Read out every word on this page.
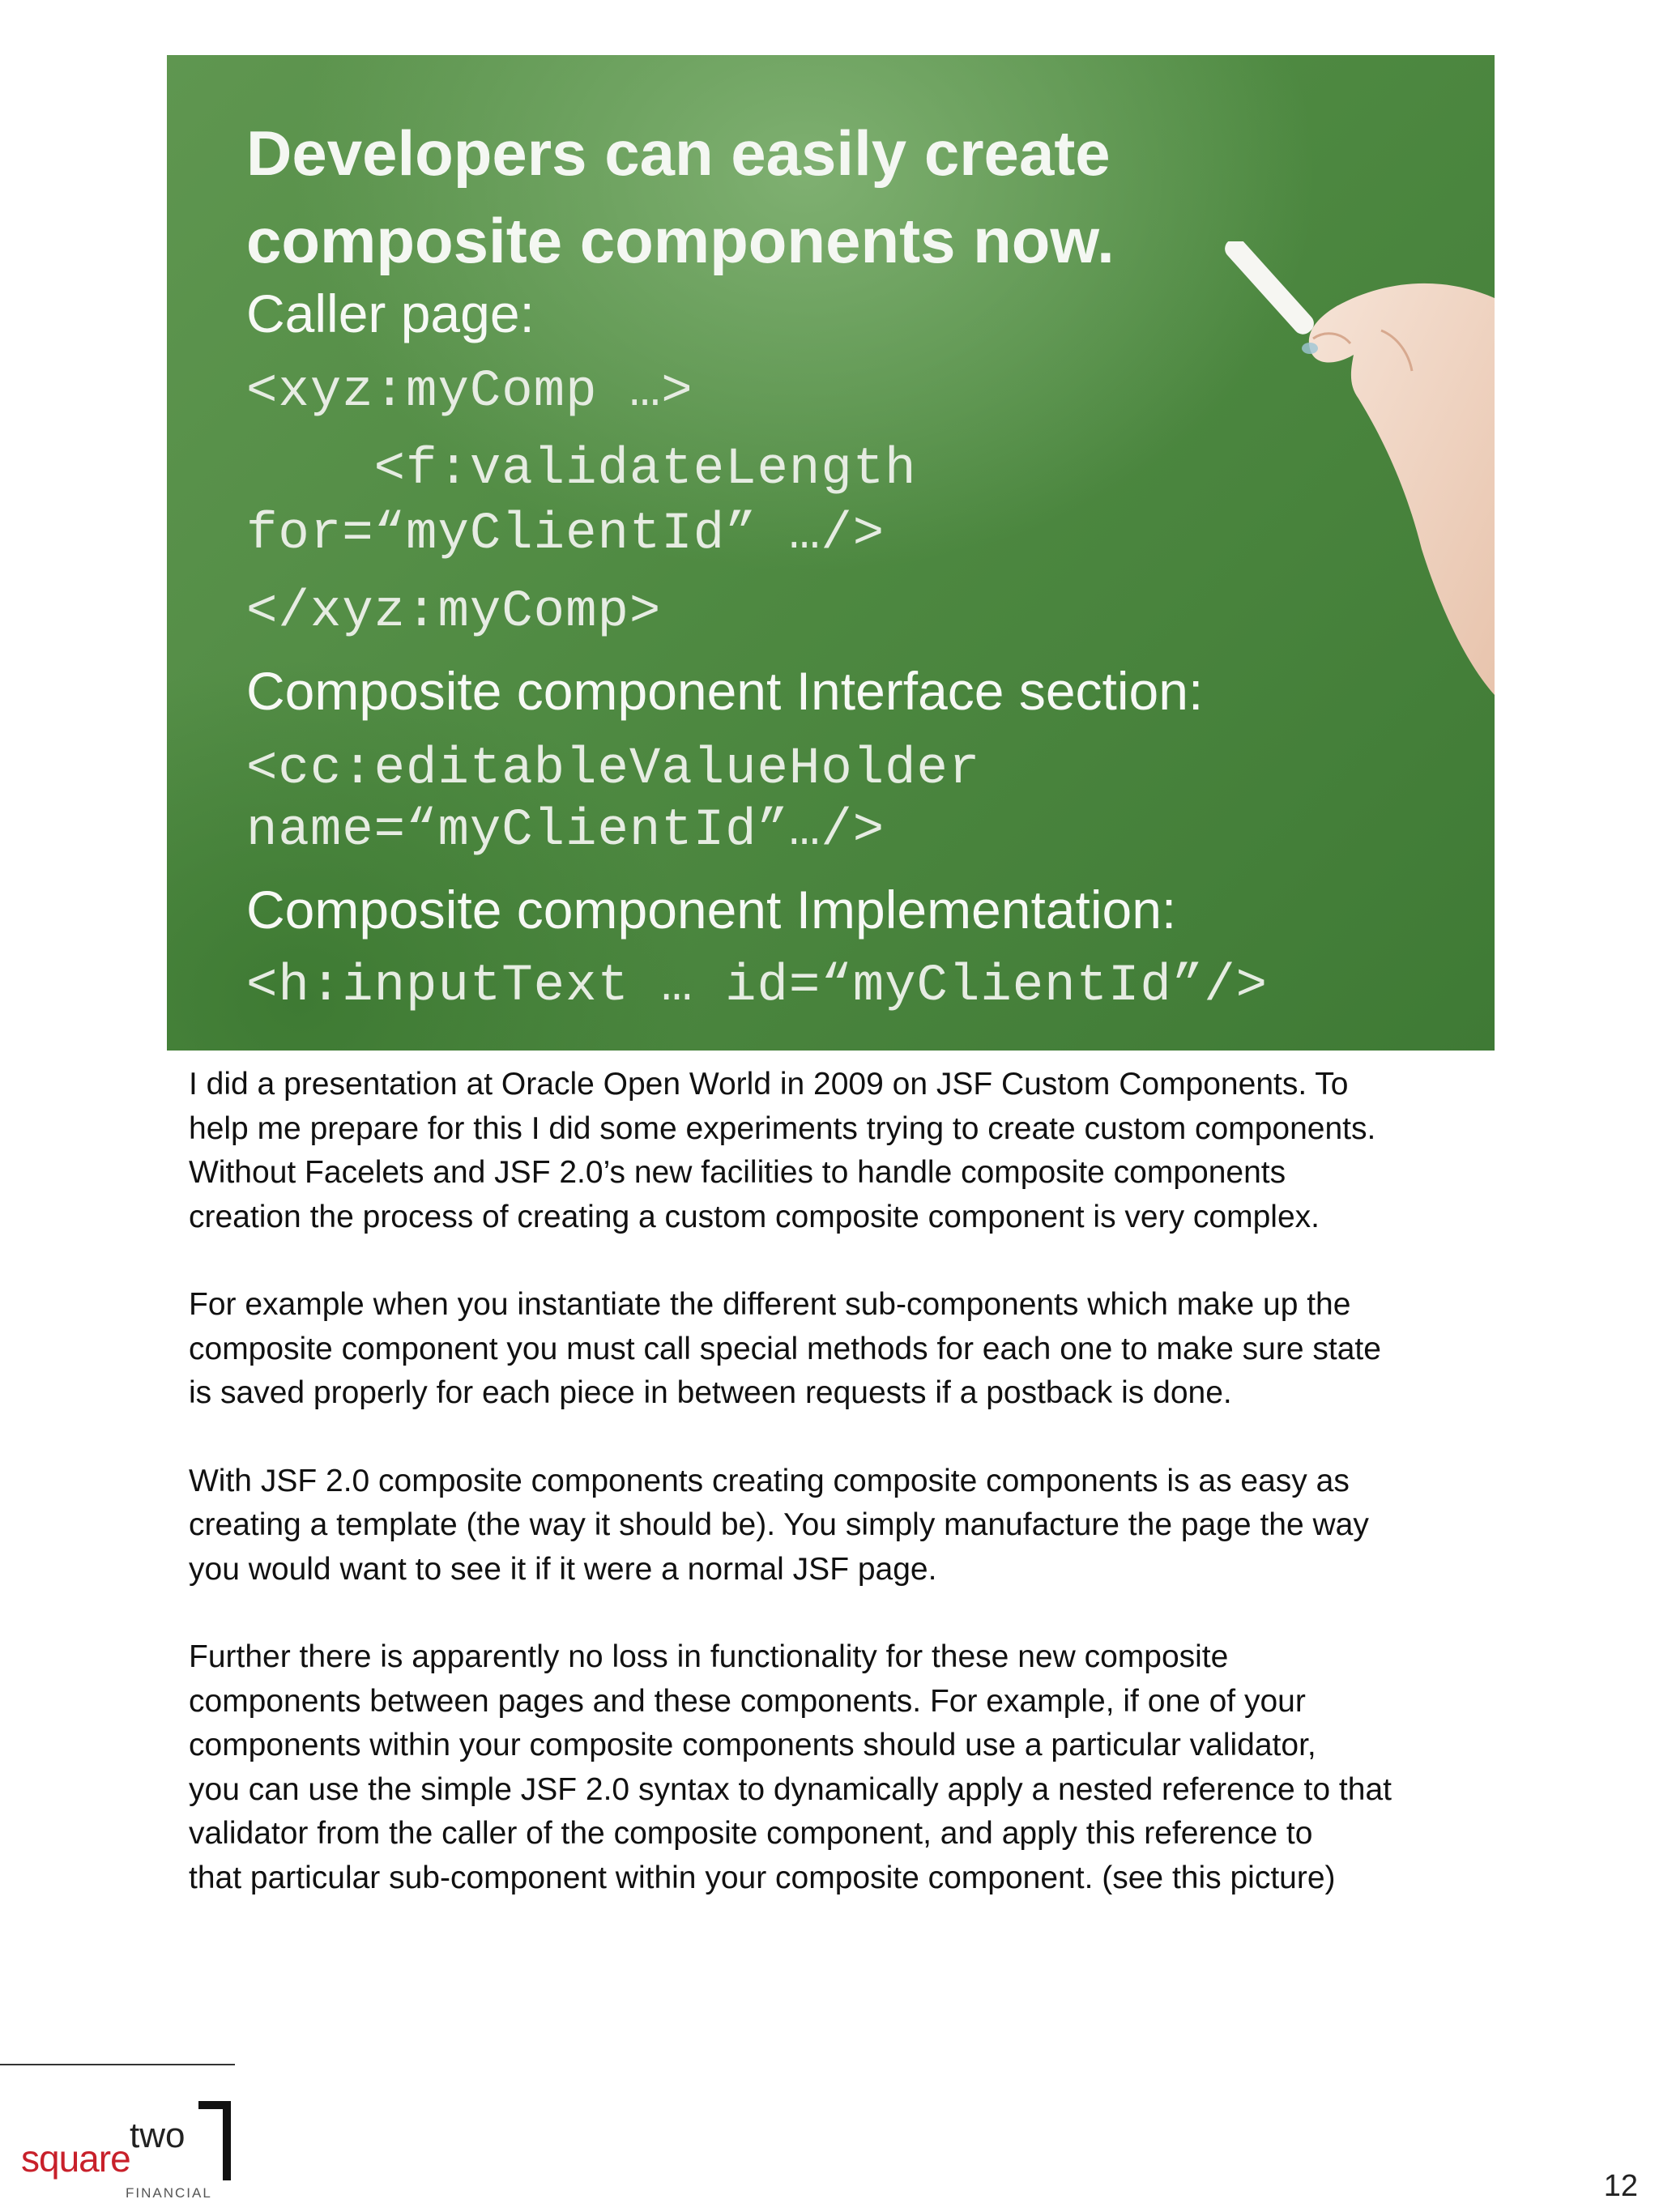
Developers can easily create
composite components now.
Caller page:
<xyz:myComp …>
<f:validateLength
for=“myClientId” …/>
</xyz:myComp>
Composite component Interface section:
<cc:editableValueHolder
name=“myClientId”…/>
Composite component Implementation:
<h:inputText … id=“myClientId”/>

I did a presentation at Oracle Open World in 2009 on JSF Custom Components. To
help me prepare for this I did some experiments trying to create custom components.
Without Facelets and JSF 2.0’s new facilities to handle composite components
creation the process of creating a custom composite component is very complex.

For example when you instantiate the different sub-components which make up the
composite component you must call special methods for each one to make sure state
is saved properly for each piece in between requests if a postback is done.

With JSF 2.0 composite components creating composite components is as easy as
creating a template (the way it should be). You simply manufacture the page the way
you would want to see it if it were a normal JSF page.

Further there is apparently no loss in functionality for these new composite
components between pages and these components. For example, if one of your
components within your composite components should use a particular validator,
you can use the simple JSF 2.0 syntax to dynamically apply a nested reference to that
validator from the caller of the composite component, and apply this reference to
that particular sub-component within your composite component. (see this picture)

square
two
FINANCIAL	12
